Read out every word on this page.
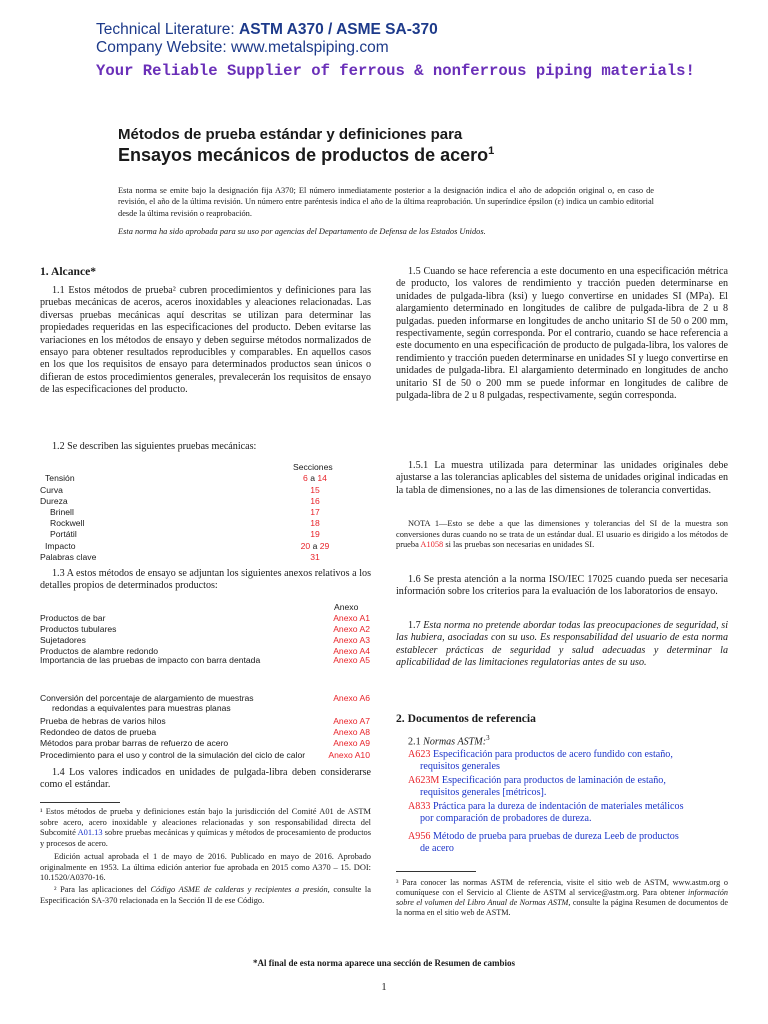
Technical Literature: ASTM A370 / ASME SA-370
Company Website: www.metalspiping.com
Your Reliable Supplier of ferrous & nonferrous piping materials!
Métodos de prueba estándar y definiciones para
Ensayos mecánicos de productos de acero$^1$
Esta norma se emite bajo la designación fija A370; El número inmediatamente posterior a la designación indica el año de adopción original o, en caso de revisión, el año de la última revisión. Un número entre paréntesis indica el año de la última reaprobación. Un superíndice épsilon (ε) indica un cambio editorial desde la última revisión o reaprobación.
Esta norma ha sido aprobada para su uso por agencias del Departamento de Defensa de los Estados Unidos.
1. Alcance*
1.1 Estos métodos de prueba² cubren procedimientos y definiciones para las pruebas mecánicas de aceros, aceros inoxidables y aleaciones relacionadas. Las diversas pruebas mecánicas aquí descritas se utilizan para determinar las propiedades requeridas en las especificaciones del producto. Deben evitarse las variaciones en los métodos de ensayo y deben seguirse métodos normalizados de ensayo para obtener resultados reproducibles y comparables. En aquellos casos en los que los requisitos de ensayo para determinados productos sean únicos o difieran de estos procedimientos generales, prevalecerán los requisitos de ensayo de las especificaciones del producto.
1.2 Se describen las siguientes pruebas mecánicas:
Secciones
Tensión	6 a 14
Curva	15
Dureza	16
Brinell	17
Rockwell	18
Portátil	19
Impacto	20 a 29
Palabras clave	31
1.3 A estos métodos de ensayo se adjuntan los siguientes anexos relativos a los detalles propios de determinados productos:
Anexo
Productos de bar	Anexo A1
Productos tubulares	Anexo A2
Sujetadores	Anexo A3
Productos de alambre redondo	Anexo A4
Importancia de las pruebas de impacto con barra dentada	Anexo A5
Conversión del porcentaje de alargamiento de muestras
redondas a equivalentes para muestras planas
Anexo A6
Prueba de hebras de varios hilos	Anexo A7
Redondeo de datos de prueba	Anexo A8
Métodos para probar barras de refuerzo de acero	Anexo A9
Procedimiento para el uso y control de la simulación del ciclo de calor	Anexo A10
1.4 Los valores indicados en unidades de pulgada-libra deben considerarse como el estándar.
¹ Estos métodos de prueba y definiciones están bajo la jurisdicción del Comité A01 de ASTM sobre acero, acero inoxidable y aleaciones relacionadas y son responsabilidad directa del Subcomité A01.13 sobre pruebas mecánicas y químicas y métodos de procesamiento de productos y procesos de acero.
Edición actual aprobada el 1 de mayo de 2016. Publicado en mayo de 2016. Aprobado originalmente en 1953. La última edición anterior fue aprobada en 2015 como A370 – 15. DOI: 10.1520/A0370-16.
² Para las aplicaciones del Código ASME de calderas y recipientes a presión, consulte la Especificación SA-370 relacionada en la Sección II de ese Código.
1.5 Cuando se hace referencia a este documento en una especificación métrica de producto, los valores de rendimiento y tracción pueden determinarse en unidades de pulgada-libra (ksi) y luego convertirse en unidades SI (MPa). El alargamiento determinado en longitudes de calibre de pulgada-libra de 2 u 8 pulgadas. pueden informarse en longitudes de ancho unitario SI de 50 o 200 mm, respectivamente, según corresponda. Por el contrario, cuando se hace referencia a este documento en una especificación de producto de pulgada-libra, los valores de rendimiento y tracción pueden determinarse en unidades SI y luego convertirse en unidades de pulgada-libra. El alargamiento determinado en longitudes de ancho unitario SI de 50 o 200 mm se puede informar en longitudes de calibre de pulgada-libra de 2 u 8 pulgadas, respectivamente, según corresponda.
1.5.1 La muestra utilizada para determinar las unidades originales debe ajustarse a las tolerancias aplicables del sistema de unidades original indicadas en la tabla de dimensiones, no a las de las dimensiones de tolerancia convertidas.
NOTA 1—Esto se debe a que las dimensiones y tolerancias del SI de la muestra son conversiones duras cuando no se trata de un estándar dual. El usuario es dirigido a los métodos de prueba A1058 si las pruebas son necesarias en unidades SI.
1.6 Se presta atención a la norma ISO/IEC 17025 cuando pueda ser necesaria información sobre los criterios para la evaluación de los laboratorios de ensayo.
1.7 Esta norma no pretende abordar todas las preocupaciones de seguridad, si las hubiera, asociadas con su uso. Es responsabilidad del usuario de esta norma establecer prácticas de seguridad y salud adecuadas y determinar la aplicabilidad de las limitaciones regulatorias antes de su uso.
2. Documentos de referencia
2.1 Normas ASTM:$^3$
A623 Especificación para productos de acero fundido con estaño,
requisitos generales
A623M Especificación para productos de laminación de estaño,
requisitos generales [métricos].
A833 Práctica para la dureza de indentación de materiales metálicos
por comparación de probadores de dureza.
A956 Método de prueba para pruebas de dureza Leeb de productos
de acero
³ Para conocer las normas ASTM de referencia, visite el sitio web de ASTM, www.astm.org o comuníquese con el Servicio al Cliente de ASTM al service@astm.org. Para obtener información sobre el volumen del Libro Anual de Normas ASTM, consulte la página Resumen de documentos de la norma en el sitio web de ASTM.
*Al final de esta norma aparece una sección de Resumen de cambios
1
